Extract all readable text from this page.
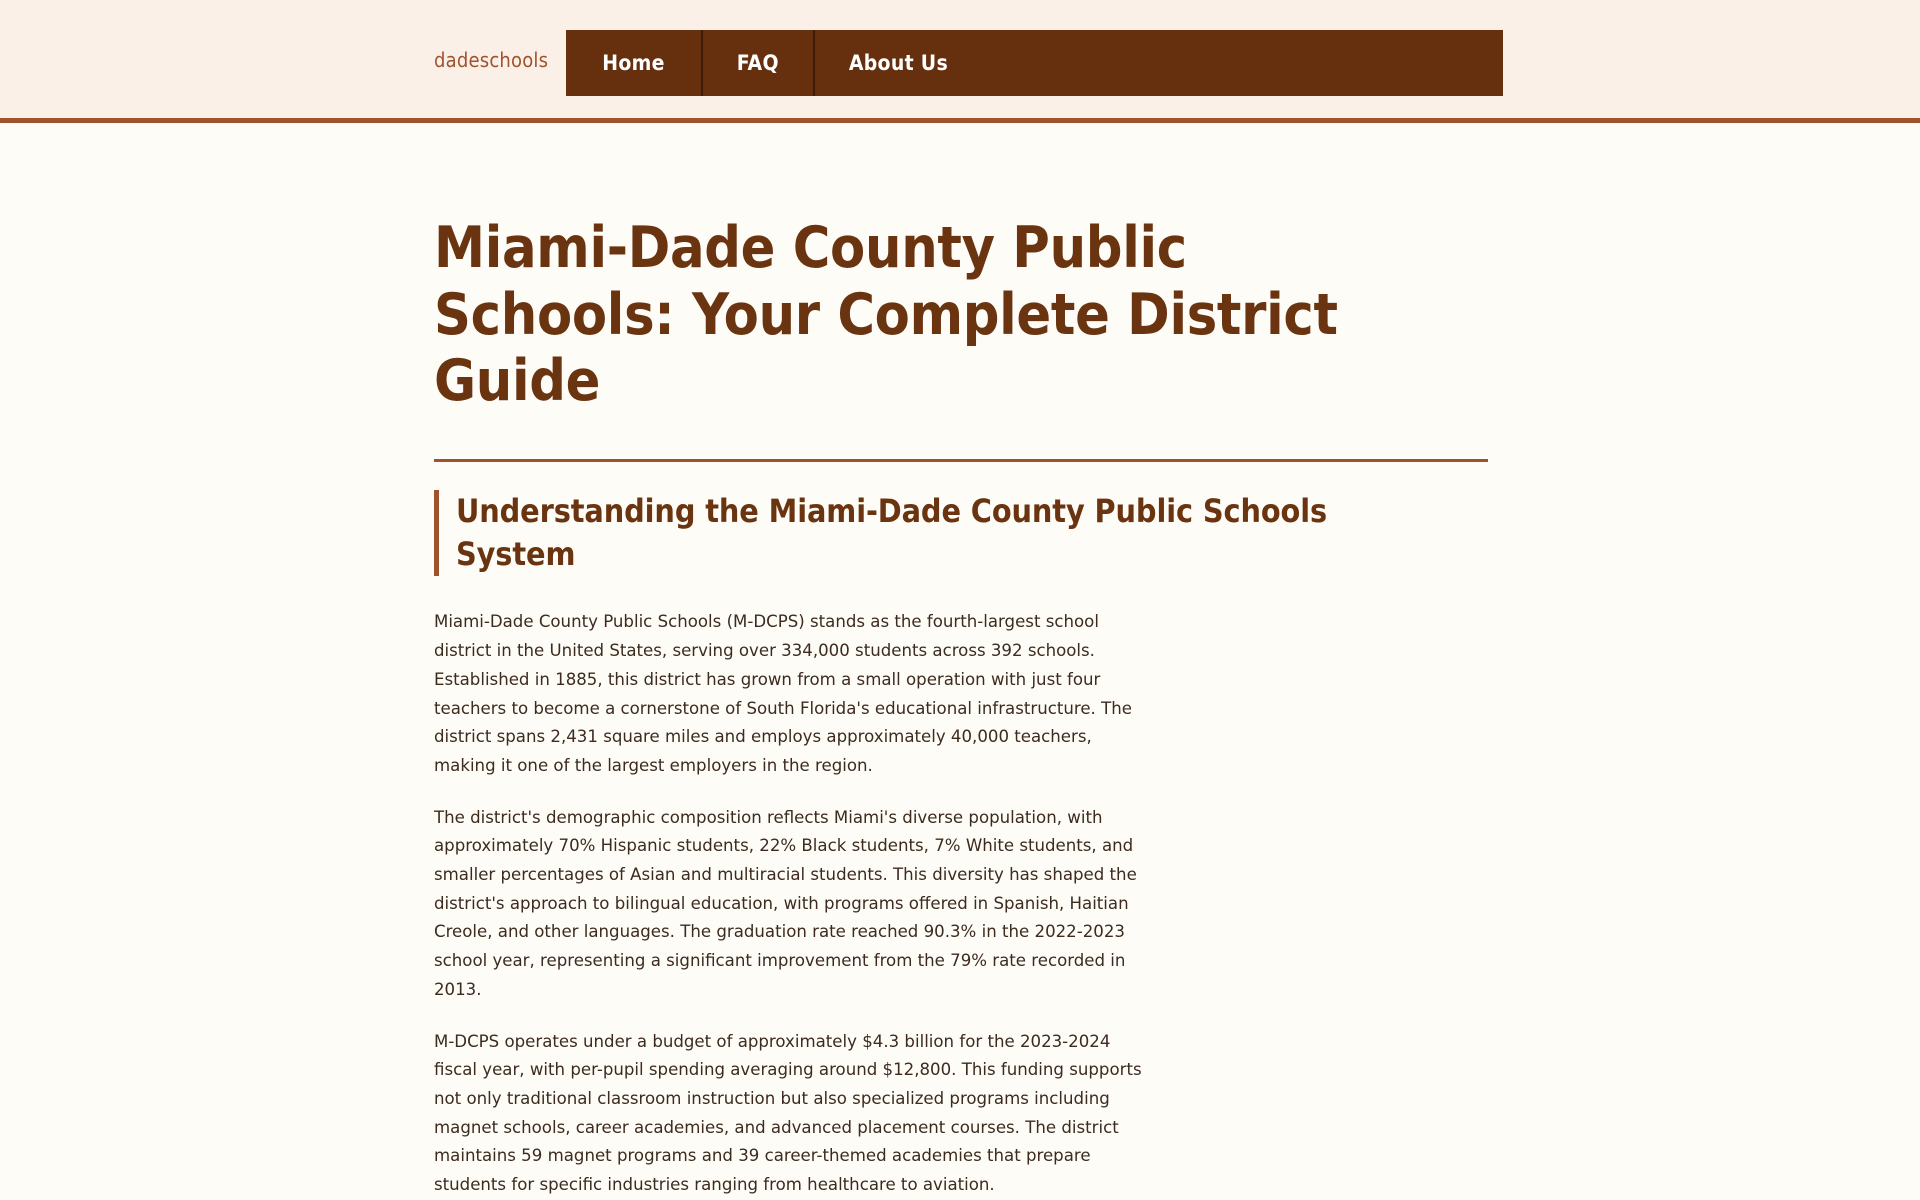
dadeschools	Home	FAQ	About Us
Miami-Dade County Public Schools: Your Complete District Guide
Understanding the Miami-Dade County Public Schools System

Miami-Dade County Public Schools (M-DCPS) stands as the fourth-largest school district in the United States, serving over 334,000 students across 392 schools. Established in 1885, this district has grown from a small operation with just four teachers to become a cornerstone of South Florida's educational infrastructure. The district spans 2,431 square miles and employs approximately 40,000 teachers, making it one of the largest employers in the region.

The district's demographic composition reflects Miami's diverse population, with approximately 70% Hispanic students, 22% Black students, 7% White students, and smaller percentages of Asian and multiracial students. This diversity has shaped the district's approach to bilingual education, with programs offered in Spanish, Haitian Creole, and other languages. The graduation rate reached 90.3% in the 2022-2023 school year, representing a significant improvement from the 79% rate recorded in 2013.

M-DCPS operates under a budget of approximately $4.3 billion for the 2023-2024 fiscal year, with per-pupil spending averaging around $12,800. This funding supports not only traditional classroom instruction but also specialized programs including magnet schools, career academies, and advanced placement courses. The district maintains 59 magnet programs and 39 career-themed academies that prepare students for specific industries ranging from healthcare to aviation.
